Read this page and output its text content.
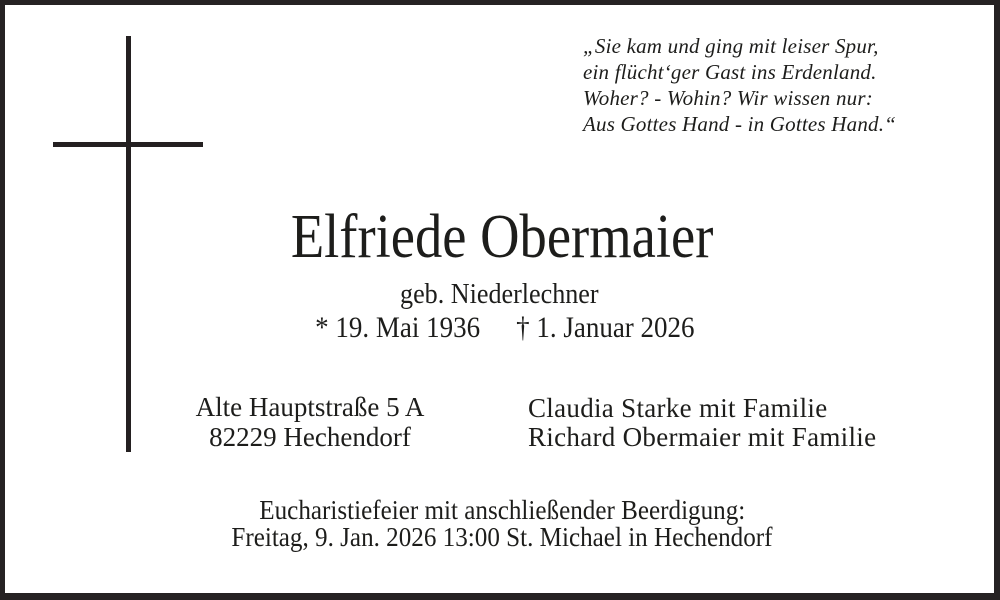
„Sie kam und ging mit leiser Spur,
ein flücht‘ger Gast ins Erdenland.
Woher? - Wohin? Wir wissen nur:
Aus Gottes Hand - in Gottes Hand.“
Elfriede Obermaier
geb. Niederlechner
* 19. Mai 1936 † 1. Januar 2026
Alte Hauptstraße 5 A
82229 Hechendorf
Claudia Starke mit Familie
Richard Obermaier mit Familie
Eucharistiefeier mit anschließender Beerdigung:
Freitag, 9. Jan. 2026 13:00 St. Michael in Hechendorf
